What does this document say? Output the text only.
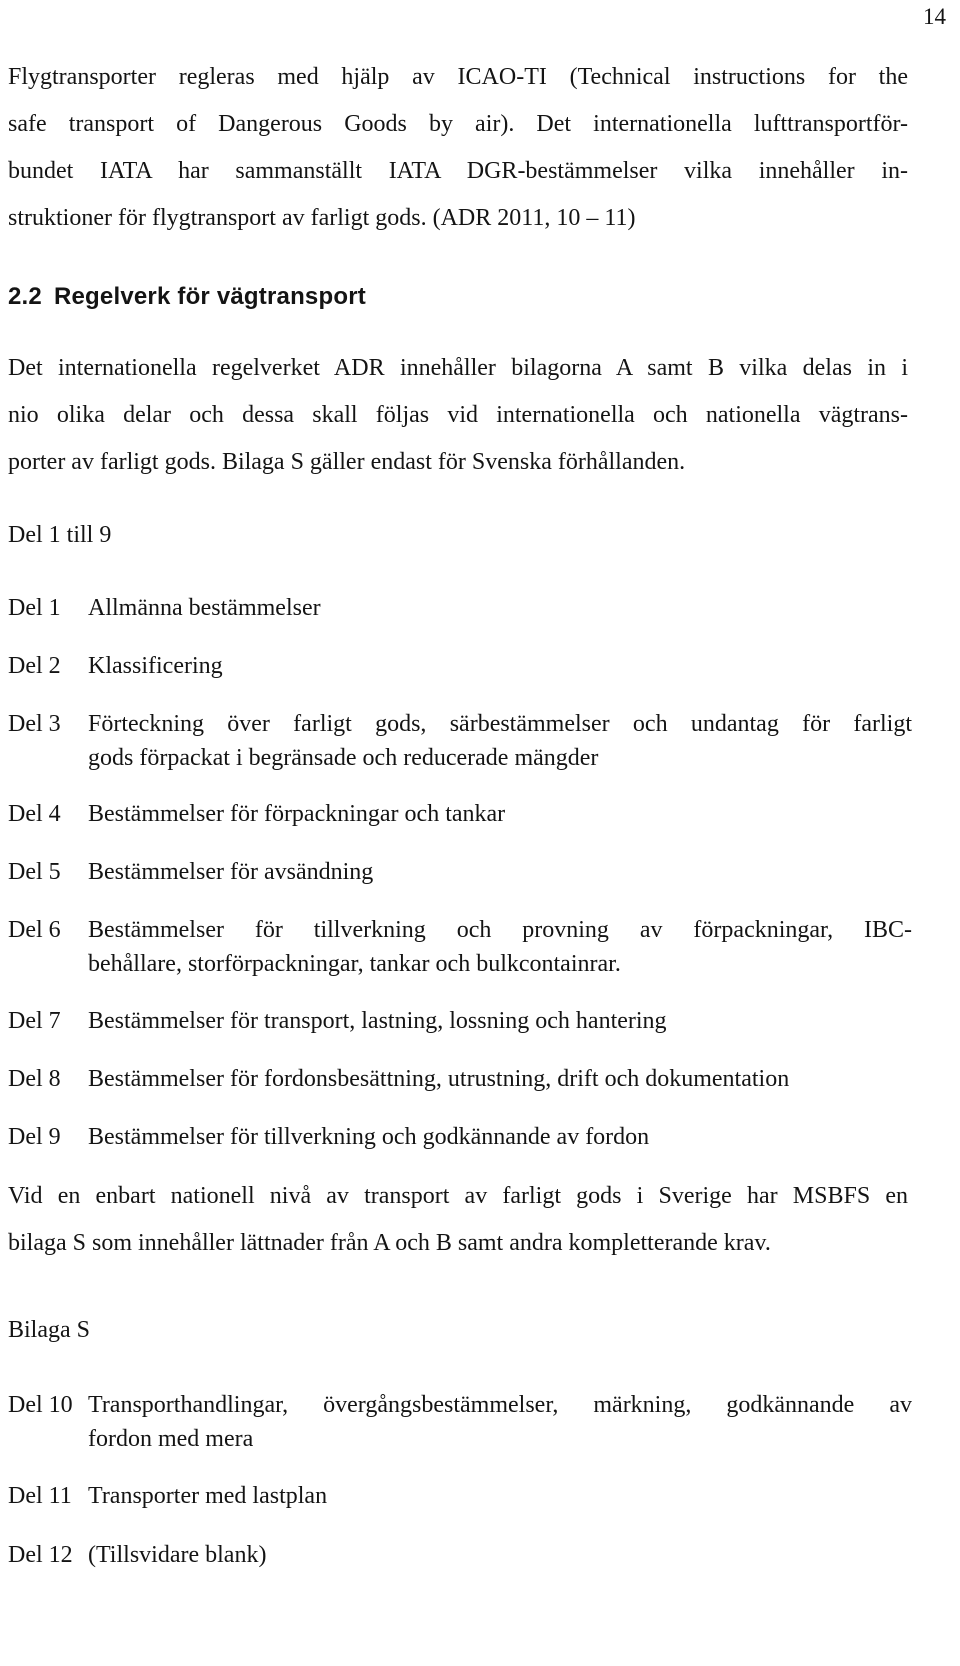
14
Flygtransporter regleras med hjälp av ICAO-TI (Technical instructions for the
safe transport of Dangerous Goods by air). Det internationella lufttransportför-
bundet IATA har sammanställt IATA DGR-bestämmelser vilka innehåller in-
struktioner för flygtransport av farligt gods. (ADR 2011, 10 – 11)
2.2 Regelverk för vägtransport
Det internationella regelverket ADR innehåller bilagorna A samt B vilka delas in i
nio olika delar och dessa skall följas vid internationella och nationella vägtrans-
porter av farligt gods. Bilaga S gäller endast för Svenska förhållanden.
Del 1 till 9
Del 1	Allmänna bestämmelser
Del 2	Klassificering
Del 3	Förteckning över farligt gods, särbestämmelser och undantag för farligt
gods förpackat i begränsade och reducerade mängder
Del 4	Bestämmelser för förpackningar och tankar
Del 5	Bestämmelser för avsändning
Del 6	Bestämmelser för tillverkning och provning av förpackningar, IBC-
behållare, storförpackningar, tankar och bulkcontainrar.
Del 7	Bestämmelser för transport, lastning, lossning och hantering
Del 8	Bestämmelser för fordonsbesättning, utrustning, drift och dokumentation
Del 9	Bestämmelser för tillverkning och godkännande av fordon
Vid en enbart nationell nivå av transport av farligt gods i Sverige har MSBFS en
bilaga S som innehåller lättnader från A och B samt andra kompletterande krav.
Bilaga S
Del 10 Transporthandlingar, övergångsbestämmelser, märkning, godkännande av
fordon med mera
Del 11 Transporter med lastplan
Del 12 (Tillsvidare blank)
